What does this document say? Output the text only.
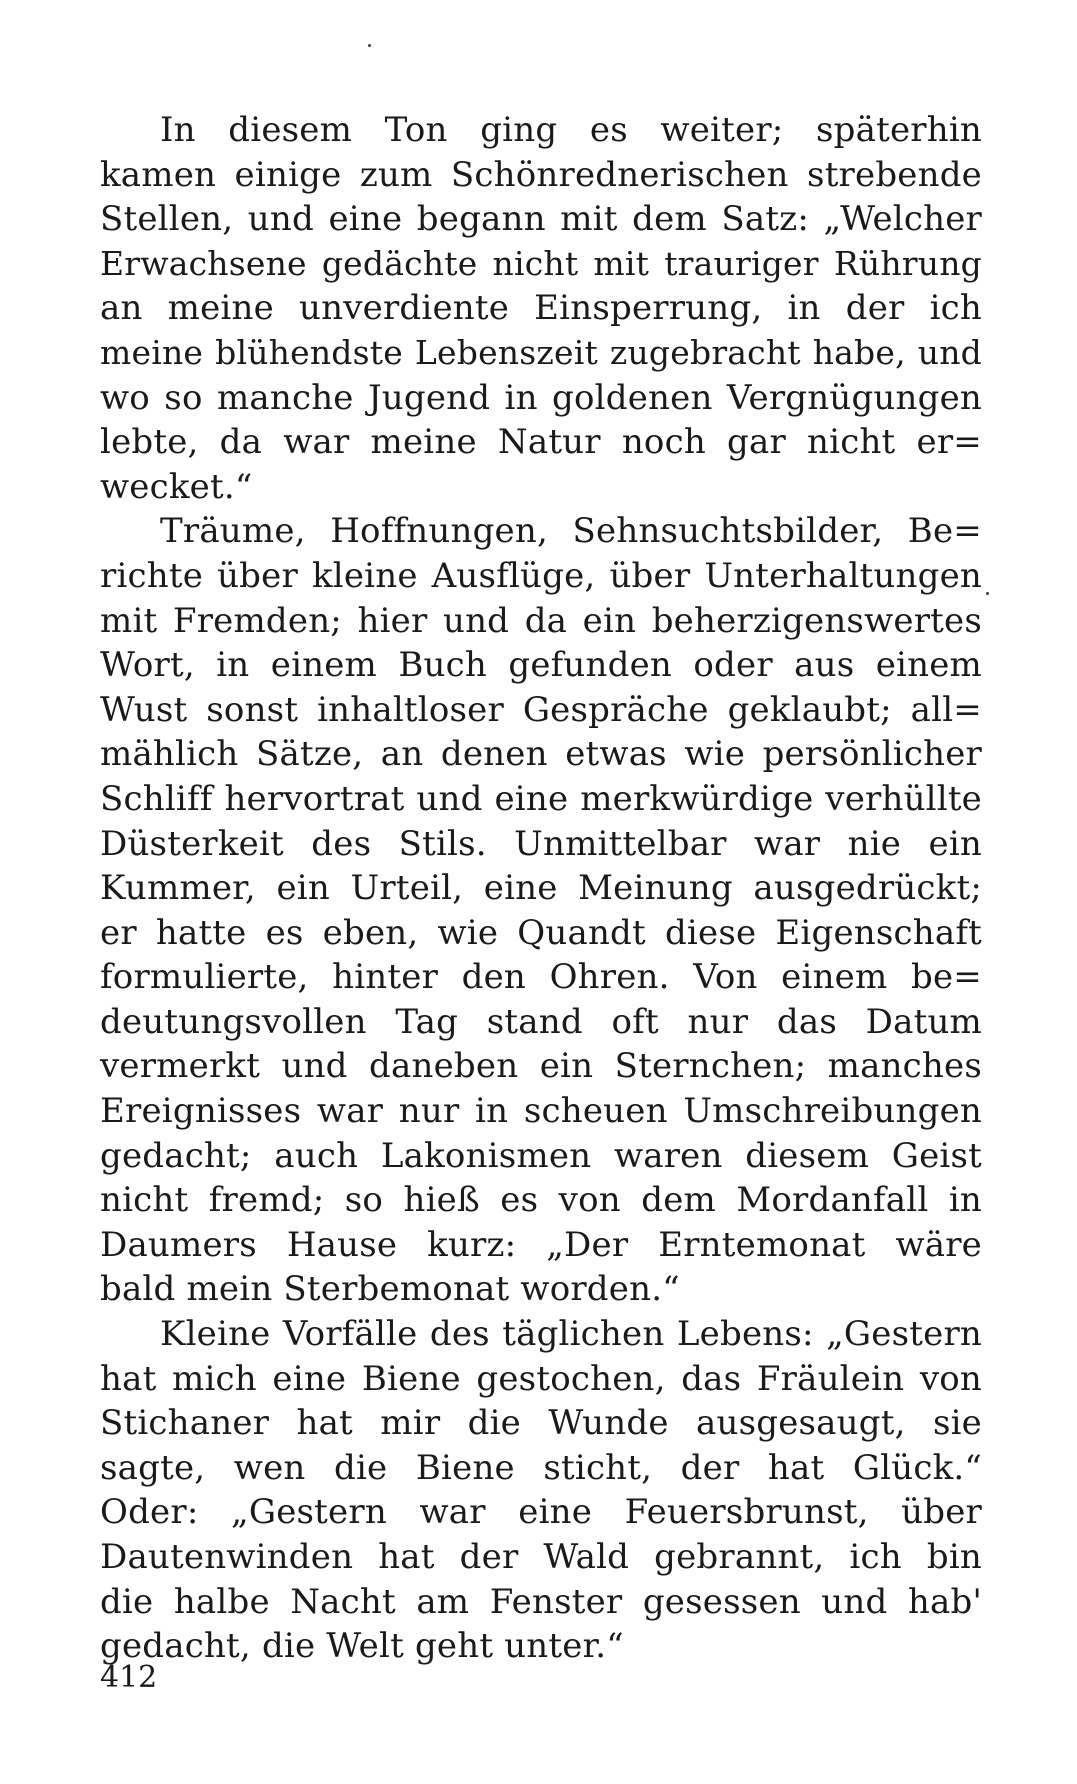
In diesem Ton ging es weiter; späterhin
kamen einige zum Schönrednerischen strebende
Stellen, und eine begann mit dem Satz: „Welcher
Erwachsene gedächte nicht mit trauriger Rührung
an meine unverdiente Einsperrung, in der ich
meine blühendste Lebenszeit zugebracht habe, und
wo so manche Jugend in goldenen Vergnügungen
lebte, da war meine Natur noch gar nicht er=
wecket.“
Träume, Hoffnungen, Sehnsuchtsbilder, Be=
richte über kleine Ausflüge, über Unterhaltungen
mit Fremden; hier und da ein beherzigenswertes
Wort, in einem Buch gefunden oder aus einem
Wust sonst inhaltloser Gespräche geklaubt; all=
mählich Sätze, an denen etwas wie persönlicher
Schliff hervortrat und eine merkwürdige verhüllte
Düsterkeit des Stils. Unmittelbar war nie ein
Kummer, ein Urteil, eine Meinung ausgedrückt;
er hatte es eben, wie Quandt diese Eigenschaft
formulierte, hinter den Ohren. Von einem be=
deutungsvollen Tag stand oft nur das Datum
vermerkt und daneben ein Sternchen; manches
Ereignisses war nur in scheuen Umschreibungen
gedacht; auch Lakonismen waren diesem Geist
nicht fremd; so hieß es von dem Mordanfall in
Daumers Hause kurz: „Der Erntemonat wäre
bald mein Sterbemonat worden.“
Kleine Vorfälle des täglichen Lebens: „Gestern
hat mich eine Biene gestochen, das Fräulein von
Stichaner hat mir die Wunde ausgesaugt, sie
sagte, wen die Biene sticht, der hat Glück.“
Oder: „Gestern war eine Feuersbrunst, über
Dautenwinden hat der Wald gebrannt, ich bin
die halbe Nacht am Fenster gesessen und hab'
gedacht, die Welt geht unter.“
412
